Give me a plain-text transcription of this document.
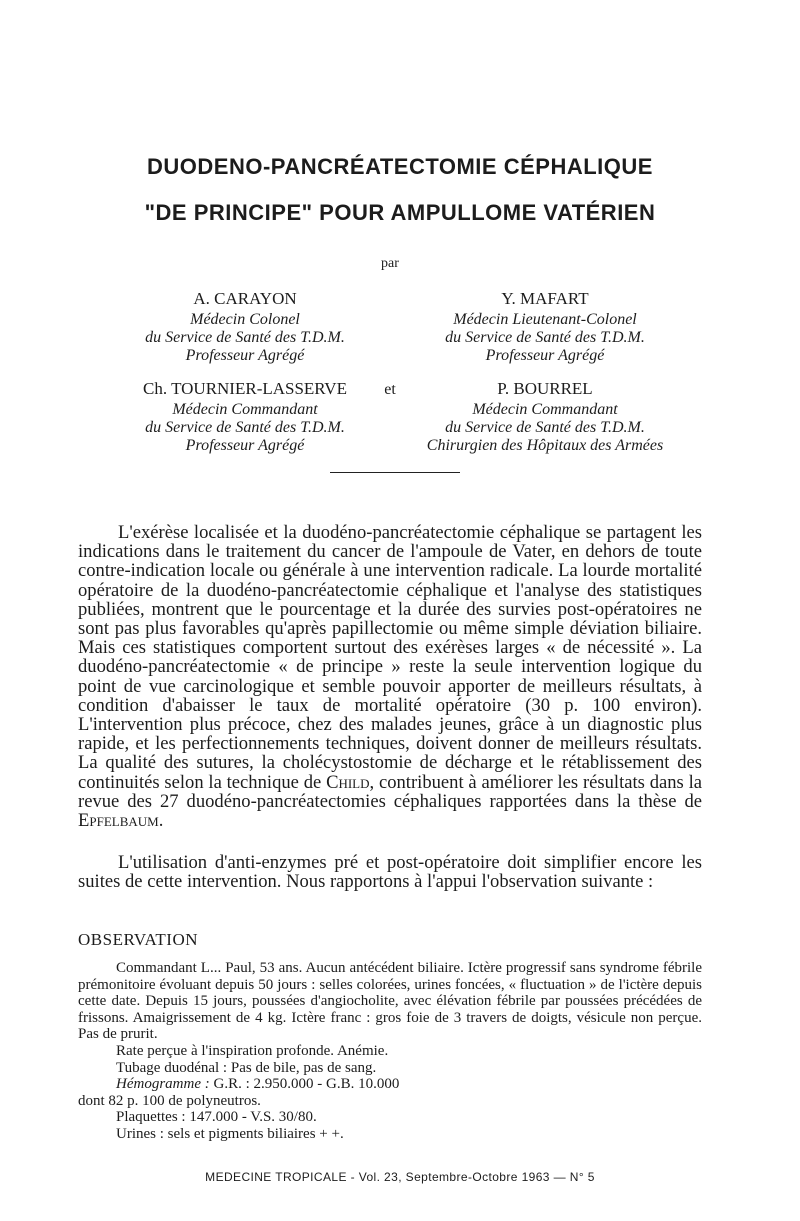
DUODENO-PANCRÉATECTOMIE CÉPHALIQUE
"DE PRINCIPE" POUR AMPULLOME VATÉRIEN
par
A. CARAYON
Médecin Colonel
du Service de Santé des T.D.M.
Professeur Agrégé
Y. MAFART
Médecin Lieutenant-Colonel
du Service de Santé des T.D.M.
Professeur Agrégé
Ch. TOURNIER-LASSERVE
Médecin Commandant
du Service de Santé des T.D.M.
Professeur Agrégé
et	P. BOURREL
Médecin Commandant
du Service de Santé des T.D.M.
Chirurgien des Hôpitaux des Armées
L'exérèse localisée et la duodéno-pancréatectomie céphalique se partagent les indications dans le traitement du cancer de l'ampoule de Vater, en dehors de toute contre-indication locale ou générale à une intervention radicale. La lourde mortalité opératoire de la duodéno-pancréatectomie céphalique et l'analyse des statistiques publiées, montrent que le pourcentage et la durée des survies post-opératoires ne sont pas plus favorables qu'après papillectomie ou même simple déviation biliaire. Mais ces statistiques comportent surtout des exérèses larges « de nécessité ». La duodéno-pancréatectomie « de principe » reste la seule intervention logique du point de vue carcinologique et semble pouvoir apporter de meilleurs résultats, à condition d'abaisser le taux de mortalité opératoire (30 p. 100 environ). L'intervention plus précoce, chez des malades jeunes, grâce à un diagnostic plus rapide, et les perfectionnements techniques, doivent donner de meilleurs résultats. La qualité des sutures, la cholécystostomie de décharge et le rétablissement des continuités selon la technique de Child, contribuent à améliorer les résultats dans la revue des 27 duodéno-pancréatectomies céphaliques rapportées dans la thèse de Epfelbaum.
L'utilisation d'anti-enzymes pré et post-opératoire doit simplifier encore les suites de cette intervention. Nous rapportons à l'appui l'observation suivante :
OBSERVATION

Commandant L... Paul, 53 ans. Aucun antécédent biliaire. Ictère progressif sans syndrome fébrile prémonitoire évoluant depuis 50 jours : selles colorées, urines foncées, « fluctuation » de l'ictère depuis cette date. Depuis 15 jours, poussées d'angiocholite, avec élévation fébrile par poussées précédées de frissons. Amaigrissement de 4 kg. Ictère franc : gros foie de 3 travers de doigts, vésicule non perçue. Pas de prurit.

Rate perçue à l'inspiration profonde. Anémie.

Tubage duodénal : Pas de bile, pas de sang.

Hémogramme : G.R. : 2.950.000 - G.B. 10.000

dont 82 p. 100 de polyneutros.

Plaquettes : 147.000 - V.S. 30/80.

Urines : sels et pigments biliaires + +.

MEDECINE TROPICALE - Vol. 23, Septembre-Octobre 1963 — N° 5
